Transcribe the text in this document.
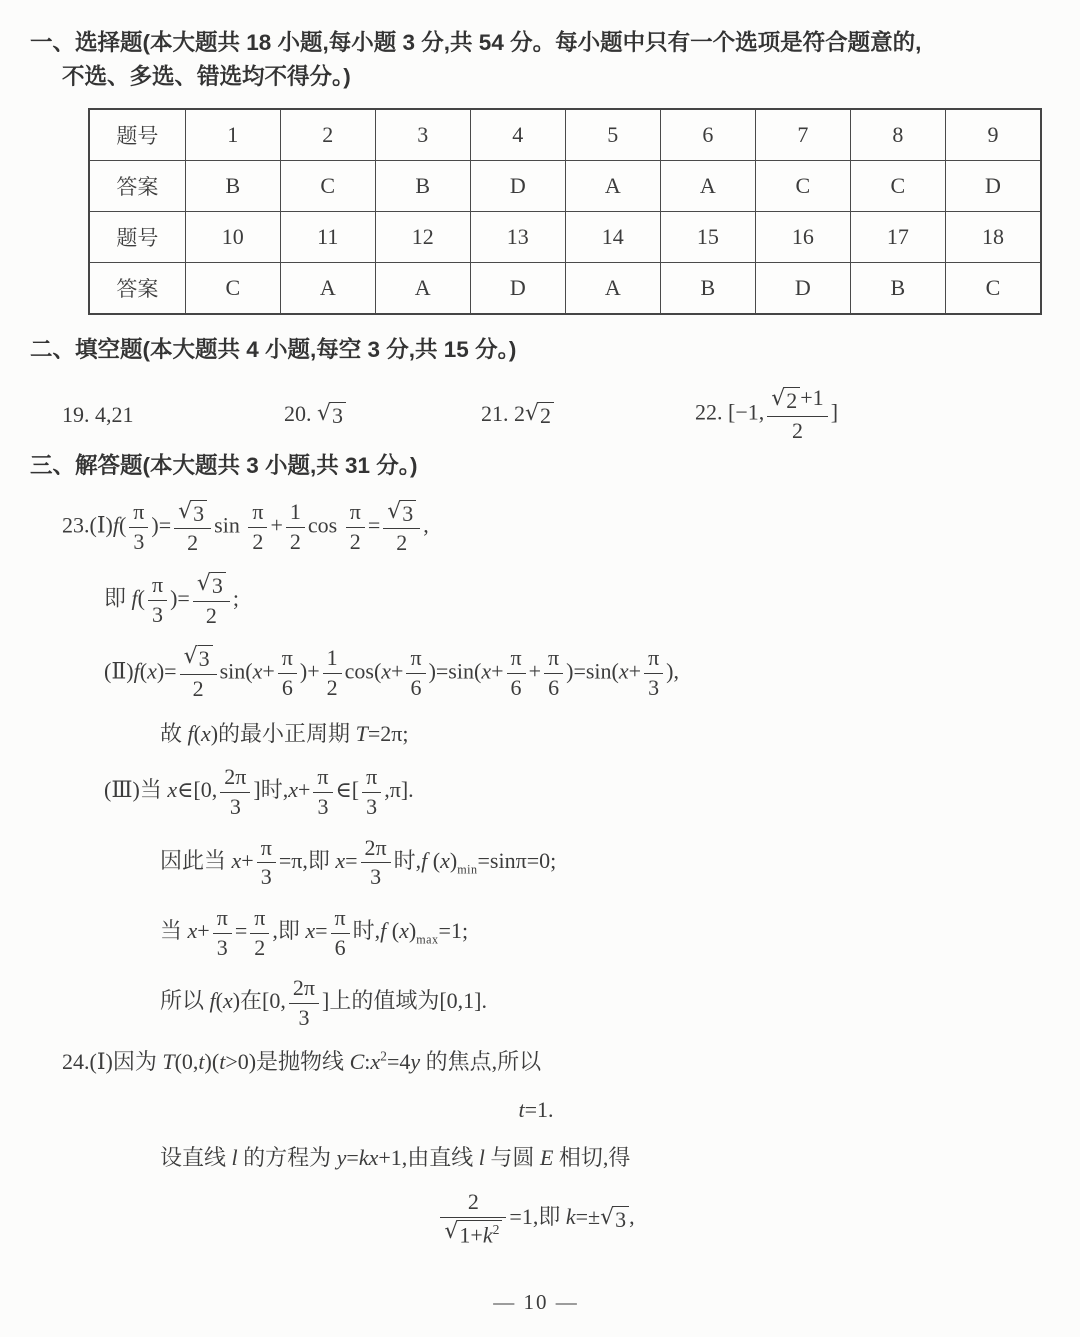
一、选择题(本大题共 18 小题,每小题 3 分,共 54 分。每小题中只有一个选项是符合题意的,
不选、多选、错选均不得分。)
题号	1	2	3	4	5	6	7	8	9
答案	B	C	B	D	A	A	C	C	D
题号	10	11	12	13	14	15	16	17	18
答案	C	A	A	D	A	B	D	B	C
二、填空题(本大题共 4 小题,每空 3 分,共 15 分。)
19. 4,21	20. √ 3	21. 2 √ 2	22. [−1, $\frac{√ 2 +1}{2}$ ]
三、解答题(本大题共 3 小题,共 31 分。)
23.(Ⅰ)f( $\frac{\pi}{3}$ )= $\frac{√ 3}{2}$ $\sin \frac{\pi}{2} + \frac{1}{2}$ $\cos \frac{\pi}{2} = \frac{√ 3}{2}$ ,
即 $f( \frac{\pi}{3}$ )= $\frac{√ 3}{2}$ ;
(Ⅱ)f(x)= $\frac{√ 3}{2} \sin(x+ \frac{\pi}{6}$ )+ $\frac{1}{2} \cos(x+ \frac{\pi}{6} )=\sin(x+ \frac{\pi}{6} + \frac{\pi}{6} )=\sin(x+ \frac{\pi}{3}$ ),
故 f(x)的最小正周期 T=2π;
(Ⅲ)当 x∈[0, $\frac{2\pi}{3}$ ]时$,x+ \frac{\pi}{3}$ ∈[ $\frac{\pi}{3} ,\pi$].
因此当 $x+ \frac{\pi}{3} =\pi$,即 $x= \frac{2\pi}{3}$ 时,f $(x)_{min}=\sin\pi=0$;
当 $x+ \frac{\pi}{3} = \frac{\pi}{2}$ ,即 $x= \frac{\pi}{6}$ 时,f $(x)_{max}=1$;
所以 f(x)在[0, $\frac{2\pi}{3}$ ]上的值域为[0,1].
24.(Ⅰ)因为 T(0,t)(t>0)是抛物线 $C:x^2=4y$ 的焦点,所以
t=1.
设直线 l 的方程为 y=kx+1,由直线 l 与圆 E 相切,得
$\frac{2}{√ 1+k^2} =1$,即 k=± √ 3 ,
— 10 —
